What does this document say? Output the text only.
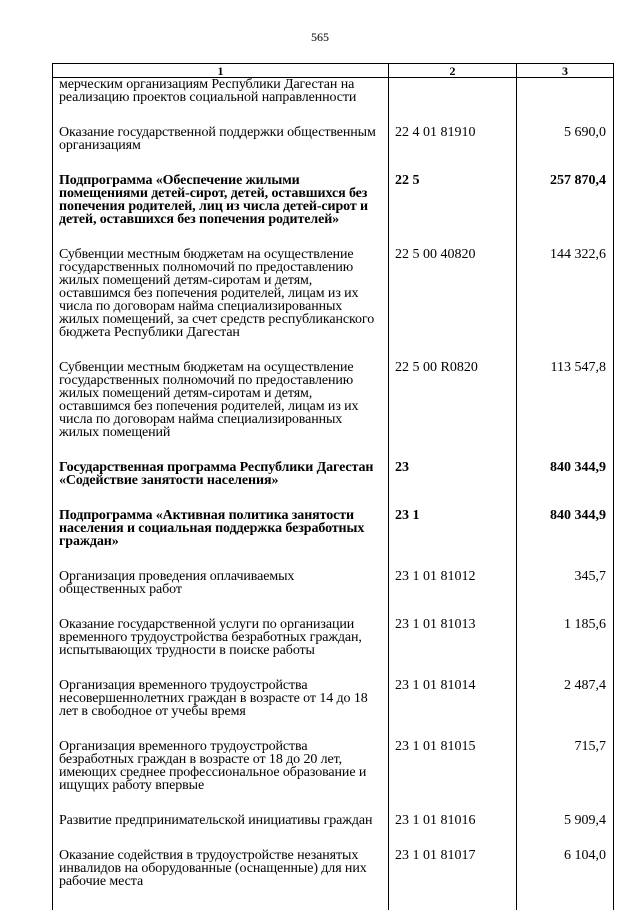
565
1	2	3
мерческим организациям Республики Дагестан на реализацию проектов социальной направленности		
Оказание государственной поддержки общественным организациям	22 4 01 81910	5 690,0
Подпрограмма «Обеспечение жилыми помещениями детей-сирот, детей, оставшихся без попечения родителей, лиц из числа детей-сирот и детей, оставшихся без попечения родителей»	22 5	257 870,4
Субвенции местным бюджетам на осуществление государственных полномочий по предоставлению жилых помещений детям-сиротам и детям, оставшимся без попечения родителей, лицам из их числа по договорам найма специализированных жилых помещений, за счет средств республиканского бюджета Республики Дагестан	22 5 00 40820	144 322,6
Субвенции местным бюджетам на осуществление государственных полномочий по предоставлению жилых помещений детям-сиротам и детям, оставшимся без попечения родителей, лицам из их числа по договорам найма специализированных жилых помещений	22 5 00 R0820	113 547,8
Государственная программа Республики Дагестан «Содействие занятости населения»	23	840 344,9
Подпрограмма «Активная политика занятости населения и социальная поддержка безработных граждан»	23 1	840 344,9
Организация проведения оплачиваемых общественных работ	23 1 01 81012	345,7
Оказание государственной услуги по организации временного трудоустройства безработных граждан, испытывающих трудности в поиске работы	23 1 01 81013	1 185,6
Организация временного трудоустройства несовершеннолетних граждан в возрасте от 14 до 18 лет в свободное от учебы время	23 1 01 81014	2 487,4
Организация временного трудоустройства безработных граждан в возрасте от 18 до 20 лет, имеющих среднее профессиональное образование и ищущих работу впервые	23 1 01 81015	715,7
Развитие предпринимательской инициативы граждан	23 1 01 81016	5 909,4
Оказание содействия в трудоустройстве незанятых инвалидов на оборудованные (оснащенные) для них рабочие места	23 1 01 81017	6 104,0
